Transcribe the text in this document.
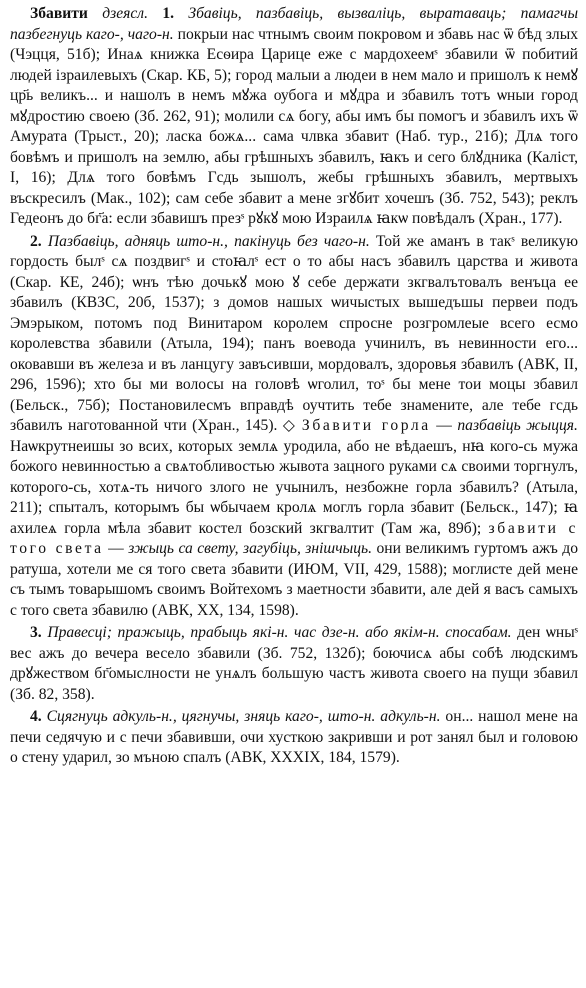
Збавити дзеясл. 1. Збавіць, пазбавіць, вызваліць, выратаваць; памагчы пазбегнуць каго-, чаго-н. покрыи нас чтнымъ своим покровом и збавь нас ѿ бѣд злых (Чэцця, 51б); Инаѧ книжка Есѳира Царице еже с мардохеемˢ збавили ѿ побитий людей ізраилевыхъ (Скар. КБ, 5); город малыи а людеи в нем мало и пришолъ к немꙋ цр҃ь великъ... и нашолъ в немъ мꙋжа оубога и мꙋдра и збавилъ тотъ ѡныи город мꙋдростию своею (Зб. 262, 91); молили сѧ богу, абы имъ бы помогъ и збавилъ ихъ ѿ Амурата (Трыст., 20); ласка божѧ... сама члвка збавит (Наб. тур., 21б); Длѧ того бовѣмъ и пришолъ на землю, абы грѣшныхъ збавилъ, ꙗкъ и сего блꙋдника (Каліст, I, 16); Длѧ того бовѣмъ Гсдь зышолъ, жебы грѣшныхъ збавилъ, мертвыхъ въскресилъ (Мак., 102); сам себе збавит а мене згꙋбит хочешъ (Зб. 752, 543); реклъ Гедеонъ до бг҃а: если збавишъ презˢ рꙋкꙋ мою Израилѧ ꙗкѡ повѣдалъ (Хран., 177).

2. Пазбавіць, адняць што-н., пакінуць без чаго-н. Той же аманъ в такˢ великую гордость былˢ сѧ поздвигˢ и стоꙗлˢ ест о то абы насъ збавилъ царства и живота (Скар. КЕ, 24б); ѡнъ тѣю дочькꙋ мою ꙋ себе держати зкгвалътовалъ венъца ее збавилъ (КВЗС, 20б, 1537); з домов нашых ѡичыстых вышедъшы первеи подъ Эмэрыком, потомъ под Винитаром королем спросне розгромлеые всего есмо королевства збавили (Атыла, 194); панъ воевода учинилъ, въ невинности его... оковавши въ железа и въ ланцугу завъсивши, мордовалъ, здоровья збавилъ (АВК, II, 296, 1596); хто бы ми волосы на головѣ ѡголил, тоˢ бы мене тои моцы збавил (Бельск., 75б); Постановилесмъ вправдѣ оучтить тебе знамените, але тебе гсдь збавилъ наготованной чти (Хран., 145). ◇ Збавити горла — пазбавіць жыцця. Наѡкрутнеишы зо всих, которых землѧ уродила, або не вѣдаешъ, нꙗ кого-сь мужа божого невинностью а свѧтобливостью жывота зацного руками сѧ своими торгнулъ, которого-сь, хотѧ-ть ничого злого не учынилъ, незбожне горла збавилъ? (Атыла, 211); спыталъ, которымъ бы ѡбычаем кролѧ моглъ горла збавит (Бельск., 147); ꙗ ахилеѧ горла мѣла збавит костел бозский зкгвалтит (Там жа, 89б); збавити с того света — зжыць са свету, загубіць, знішчыць. они великимъ гуртомъ ажъ до ратуша, хотели ме ся того света збавити (ИЮМ, VII, 429, 1588); моглисте дей мене съ тымъ товарышомъ своимъ Войтехомъ з маетности збавити, але дей я васъ самыхъ с того света збавилю (АВК, XX, 134, 1598).

3. Правесці; пражыць, прабыць які-н. час дзе-н. або якім-н. спосабам. ден ѡныˢ вес ажъ до вечера весело збавили (Зб. 752, 132б); боючисѧ абы собѣ людскимъ дрꙋжеством бг҃омыслности не унѧлъ большую частъ живота своего на пущи збавил (Зб. 82, 358).

4. Сцягнуць адкуль-н., цягнучы, зняць каго-, што-н. адкуль-н. он... нашол мене на печи седячую и с печи збавивши, очи хусткою закривши и рот занял был и головою о стену ударил, зо мъною спалъ (АВК, XXXIX, 184, 1579).
